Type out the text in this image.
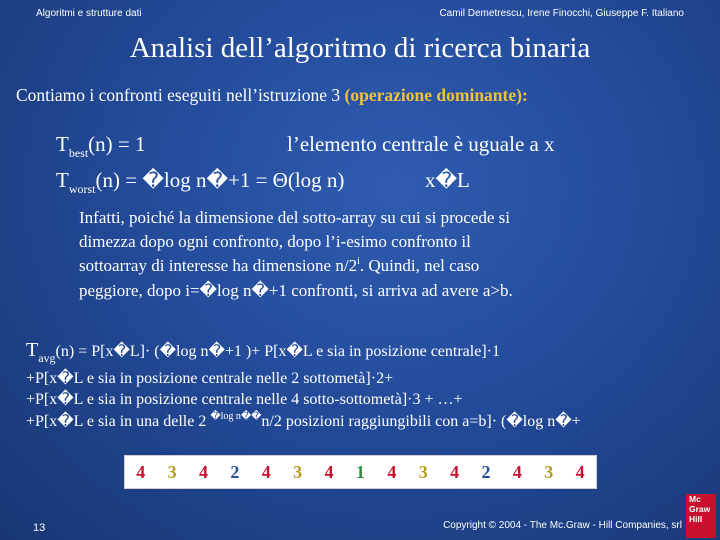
Algoritmi e strutture dati	Camil Demetrescu, Irene Finocchi, Giuseppe F. Italiano
Analisi dell’algoritmo di ricerca binaria
Contiamo i confronti eseguiti nell’istruzione 3 (operazione dominante):
$T_{best}(n) = 1$	l’elemento centrale è uguale a x
$T_{worst}(n)$ = �log n�+1 = Θ(log n)	x�L
Infatti, poiché la dimensione del sotto-array su cui si procede si
dimezza dopo ogni confronto, dopo l’i-esimo confronto il
sottoarray di interesse ha dimensione n/2$^i$. Quindi, nel caso
peggiore, dopo i=�log n�+1 confronti, si arriva ad avere a>b.
$T_{avg}(n)$ = P[x�L]· (�log n�+1 )+ P[x�L e sia in posizione centrale]·1
+P[x�L e sia in posizione centrale nelle 2 sottometà]·2+
+P[x�L e sia in posizione centrale nelle 4 sotto-sottometà]·3 + …+
+P[x�L e sia in una delle 2 $^{�log n��}$n/2 posizioni raggiungibili con a=b]· (�log n�+
4	3	4	2	4	3	4	1	4	3	4	2	4	3	4
13	Copyright © 2004 - The Mc.Graw - Hill Companies, srl
Mc
Graw
Hill
